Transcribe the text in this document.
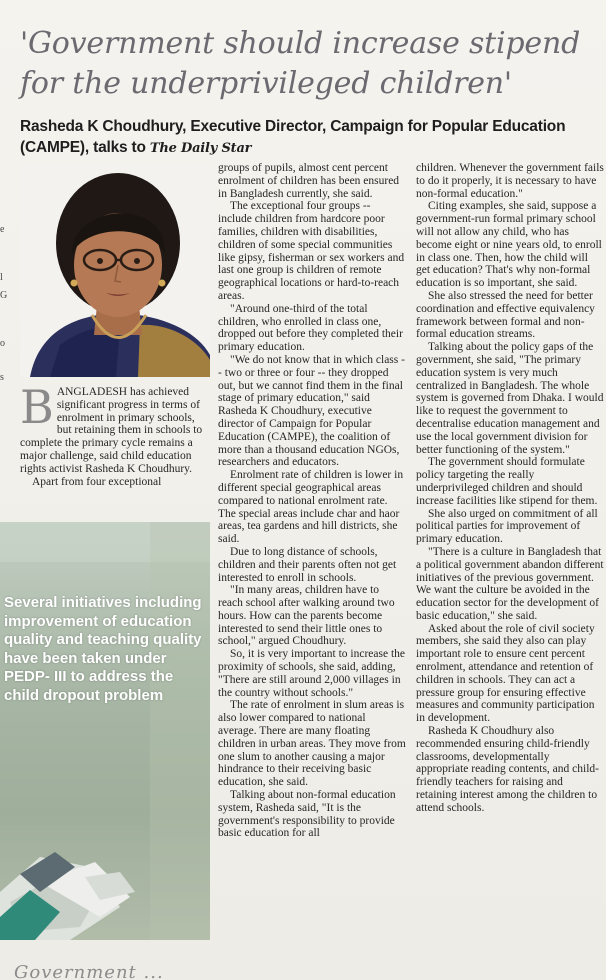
'Government should increase stipend for the underprivileged children'
Rasheda K Choudhury, Executive Director, Campaign for Popular Education (CAMPE), talks to The Daily Star
e
l
G
o
s

BANGLADESH has achieved significant progress in terms of enrolment in primary schools, but retaining them in schools to complete the primary cycle remains a major challenge, said child education rights activist Rasheda K Choudhury.

Apart from four exceptional

Several initiatives including improvement of education quality and teaching quality have been taken under PEDP- III to address the child dropout problem

groups of pupils, almost cent percent enrolment of children has been ensured in Bangladesh currently, she said.

The exceptional four groups -- include children from hardcore poor families, children with disabilities, children of some special communities like gipsy, fisherman or sex workers and last one group is children of remote geographical locations or hard-to-reach areas.

"Around one-third of the total children, who enrolled in class one, dropped out before they completed their primary education.

"We do not know that in which class -- two or three or four -- they dropped out, but we cannot find them in the final stage of primary education," said Rasheda K Choudhury, executive director of Campaign for Popular Education (CAMPE), the coalition of more than a thousand education NGOs, researchers and educators.

Enrolment rate of children is lower in different special geographical areas compared to national enrolment rate. The special areas include char and haor areas, tea gardens and hill districts, she said.

Due to long distance of schools, children and their parents often not get interested to enroll in schools.

"In many areas, children have to reach school after walking around two hours. How can the parents become interested to send their little ones to school," argued Choudhury.

So, it is very important to increase the proximity of schools, she said, adding, "There are still around 2,000 villages in the country without schools."

The rate of enrolment in slum areas is also lower compared to national average. There are many floating children in urban areas. They move from one slum to another causing a major hindrance to their receiving basic education, she said.

Talking about non-formal education system, Rasheda said, "It is the government's responsibility to provide basic education for all

children. Whenever the government fails to do it properly, it is necessary to have non-formal education."

Citing examples, she said, suppose a government-run formal primary school will not allow any child, who has become eight or nine years old, to enroll in class one. Then, how the child will get education? That's why non-formal education is so important, she said.

She also stressed the need for better coordination and effective equivalency framework between formal and non-formal education streams.

Talking about the policy gaps of the government, she said, "The primary education system is very much centralized in Bangladesh. The whole system is governed from Dhaka. I would like to request the government to decentralise education management and use the local government division for better functioning of the system."

The government should formulate policy targeting the really underprivileged children and should increase facilities like stipend for them.

She also urged on commitment of all political parties for improvement of primary education.

"There is a culture in Bangladesh that a political government abandon different initiatives of the previous government. We want the culture be avoided in the education sector for the development of basic education," she said.

Asked about the role of civil society members, she said they also can play important role to ensure cent percent enrolment, attendance and retention of children in schools. They can act a pressure group for ensuring effective measures and community participation in development.

Rasheda K Choudhury also recommended ensuring child-friendly classrooms, developmentally appropriate reading contents, and child-friendly teachers for raising and retaining interest among the children to attend schools.

Government ...
